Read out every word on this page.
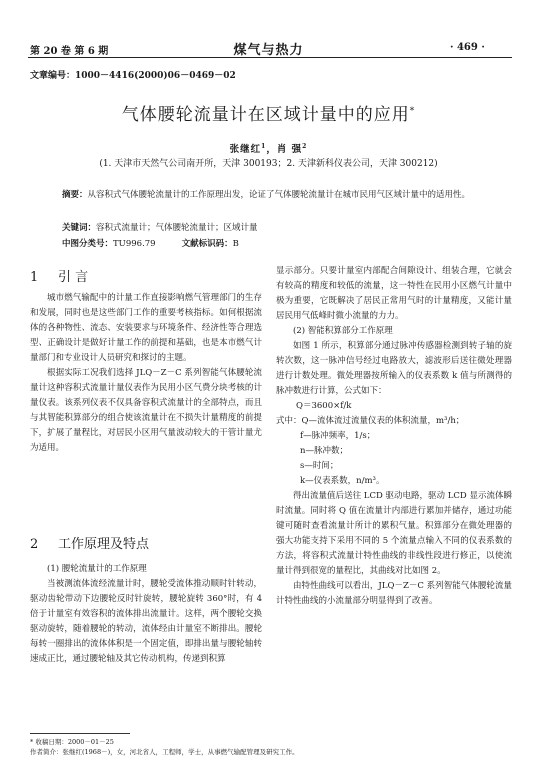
第 20 卷 第 6 期	煤气与热力	· 469 ·
文章编号：1000－4416(2000)06－0469－02
气体腰轮流量计在区域计量中的应用*
张继红$^1$，肖 强$^2$
(1. 天津市天然气公司南开所，天津 300193；2. 天津新科仪表公司，天津 300212)
摘要：从容积式气体腰轮流量计的工作原理出发，论证了气体腰轮流量计在城市民用气区域计量中的适用性。
关键词：容积式流量计；气体腰轮流量计；区域计量
中图分类号：TU996.79	文献标识码：B
1 引 言

城市燃气输配中的计量工作直接影响燃气管理部门的生存和发展，同时也是这些部门工作的重要考核指标。如何根据流体的各种物性、流态、安装要求与环境条件、经济性等合理选型、正确设计是做好计量工作的前提和基础，也是本市燃气计量部门和专业设计人员研究和探讨的主题。

根据实际工况我们选择 JLQ－Z－C 系列智能气体腰轮流量计这种容积式流量计量仪表作为民用小区气费分块考核的计量仪表。该系列仪表不仅具备容积式流量计的全部特点，而且与其智能积算部分的组合使该流量计在不损失计量精度的前提下，扩展了量程比，对居民小区用气量波动较大的干管计量尤为适用。

2 工作原理及特点

(1) 腰轮流量计的工作原理

当被测流体流经流量计时，腰轮受流体推动顺时针转动，驱动齿轮带动下边腰轮反时针旋转，腰轮旋转 360°时，有 4 倍于计量室有效容积的流体排出流量计。这样，两个腰轮交换驱动旋转，随着腰轮的转动，流体经由计量室不断排出。腰轮每转一圈排出的流体体积是一个固定值，即排出量与腰轮轴转速成正比，通过腰轮轴及其它传动机构，传递到积算

显示部分。只要计量室内部配合间隙设计、组装合理，它就会有较高的精度和较低的流量，这一特性在民用小区燃气计量中极为重要，它既解决了居民正常用气时的计量精度，又能计量居民用气低峰时微小流量的力力。

(2) 智能积算部分工作原理

如图 1 所示，积算部分通过脉冲传感器检测到转子轴的旋转次数，这一脉冲信号经过电路放大，滤波形后送往微处理器进行计数处理。微处理器按所输入的仪表系数 k 值与所测得的脉冲数进行计算，公式如下：

Q＝3600×f/k
式中：Q—流体流过流量仪表的体积流量，m³/h；
f—脉冲频率，1/s；
n—脉冲数；
s—时间；
k—仪表系数，n/m³。

得出流量值后送往 LCD 驱动电路，驱动 LCD 显示流体瞬时流量。同时将 Q 值在流量计内部进行累加并储存，通过功能键可随时查看流量计所计的累积气量。积算部分在微处理器的强大功能支持下采用不同的 5 个流量点输入不同的仪表系数的方法，将容积式流量计特性曲线的非线性段进行修正，以使流量计得到很宽的量程比，其曲线对比如图 2。

由特性曲线可以看出，JLQ－Z－C 系列智能气体腰轮流量计特性曲线的小流量部分明显得到了改善。

* 收稿日期：2000－01－25
作者简介：张继红(1968－)，女，河北省人，工程师，学士，从事燃气输配管理及研究工作。
